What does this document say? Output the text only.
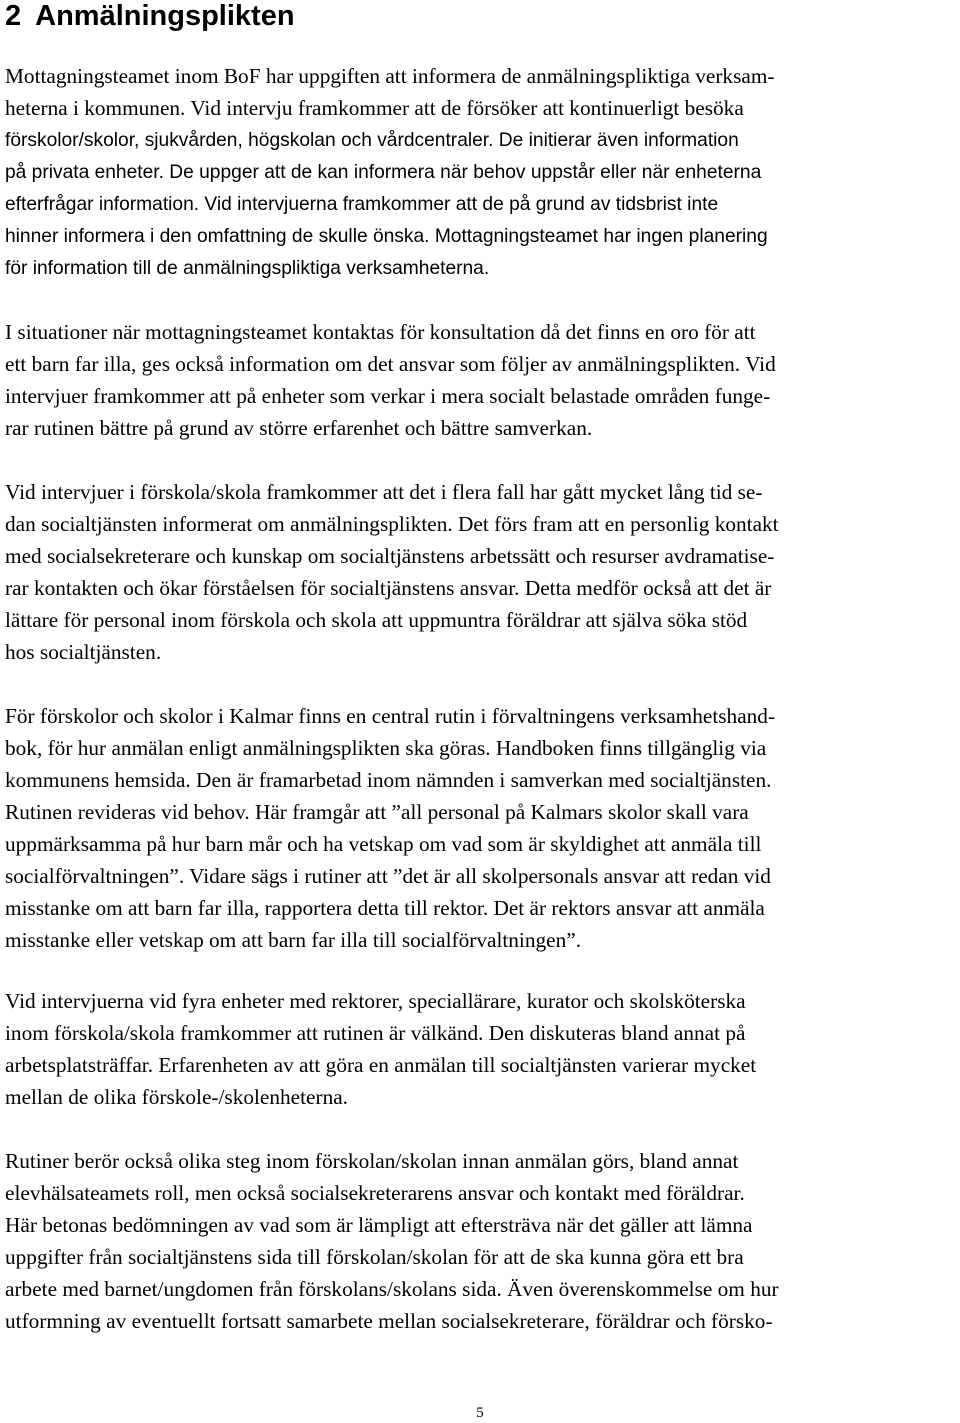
2 Anmälningsplikten
Mottagningsteamet inom BoF har uppgiften att informera de anmälningspliktiga verksam-
heterna i kommunen. Vid intervju framkommer att de försöker att kontinuerligt besöka
förskolor/skolor, sjukvården, högskolan och vårdcentraler. De initierar även information
på privata enheter. De uppger att de kan informera när behov uppstår eller när enheterna
efterfrågar information. Vid intervjuerna framkommer att de på grund av tidsbrist inte
hinner informera i den omfattning de skulle önska. Mottagningsteamet har ingen planering
för information till de anmälningspliktiga verksamheterna.
I situationer när mottagningsteamet kontaktas för konsultation då det finns en oro för att
ett barn far illa, ges också information om det ansvar som följer av anmälningsplikten. Vid
intervjuer framkommer att på enheter som verkar i mera socialt belastade områden funge-
rar rutinen bättre på grund av större erfarenhet och bättre samverkan.
Vid intervjuer i förskola/skola framkommer att det i flera fall har gått mycket lång tid se-
dan socialtjänsten informerat om anmälningsplikten. Det förs fram att en personlig kontakt
med socialsekreterare och kunskap om socialtjänstens arbetssätt och resurser avdramatise-
rar kontakten och ökar förståelsen för socialtjänstens ansvar. Detta medför också att det är
lättare för personal inom förskola och skola att uppmuntra föräldrar att själva söka stöd
hos socialtjänsten.
För förskolor och skolor i Kalmar finns en central rutin i förvaltningens verksamhetshand-
bok, för hur anmälan enligt anmälningsplikten ska göras. Handboken finns tillgänglig via
kommunens hemsida. Den är framarbetad inom nämnden i samverkan med socialtjänsten.
Rutinen revideras vid behov. Här framgår att ”all personal på Kalmars skolor skall vara
uppmärksamma på hur barn mår och ha vetskap om vad som är skyldighet att anmäla till
socialförvaltningen”. Vidare sägs i rutiner att ”det är all skolpersonals ansvar att redan vid
misstanke om att barn far illa, rapportera detta till rektor. Det är rektors ansvar att anmäla
misstanke eller vetskap om att barn far illa till socialförvaltningen”.
Vid intervjuerna vid fyra enheter med rektorer, speciallärare, kurator och skolsköterska
inom förskola/skola framkommer att rutinen är välkänd. Den diskuteras bland annat på
arbetsplatsträffar. Erfarenheten av att göra en anmälan till socialtjänsten varierar mycket
mellan de olika förskole-/skolenheterna.
Rutiner berör också olika steg inom förskolan/skolan innan anmälan görs, bland annat
elevhälsateamets roll, men också socialsekreterarens ansvar och kontakt med föräldrar.
Här betonas bedömningen av vad som är lämpligt att eftersträva när det gäller att lämna
uppgifter från socialtjänstens sida till förskolan/skolan för att de ska kunna göra ett bra
arbete med barnet/ungdomen från förskolans/skolans sida. Även överenskommelse om hur
utformning av eventuellt fortsatt samarbete mellan socialsekreterare, föräldrar och försko-
5
